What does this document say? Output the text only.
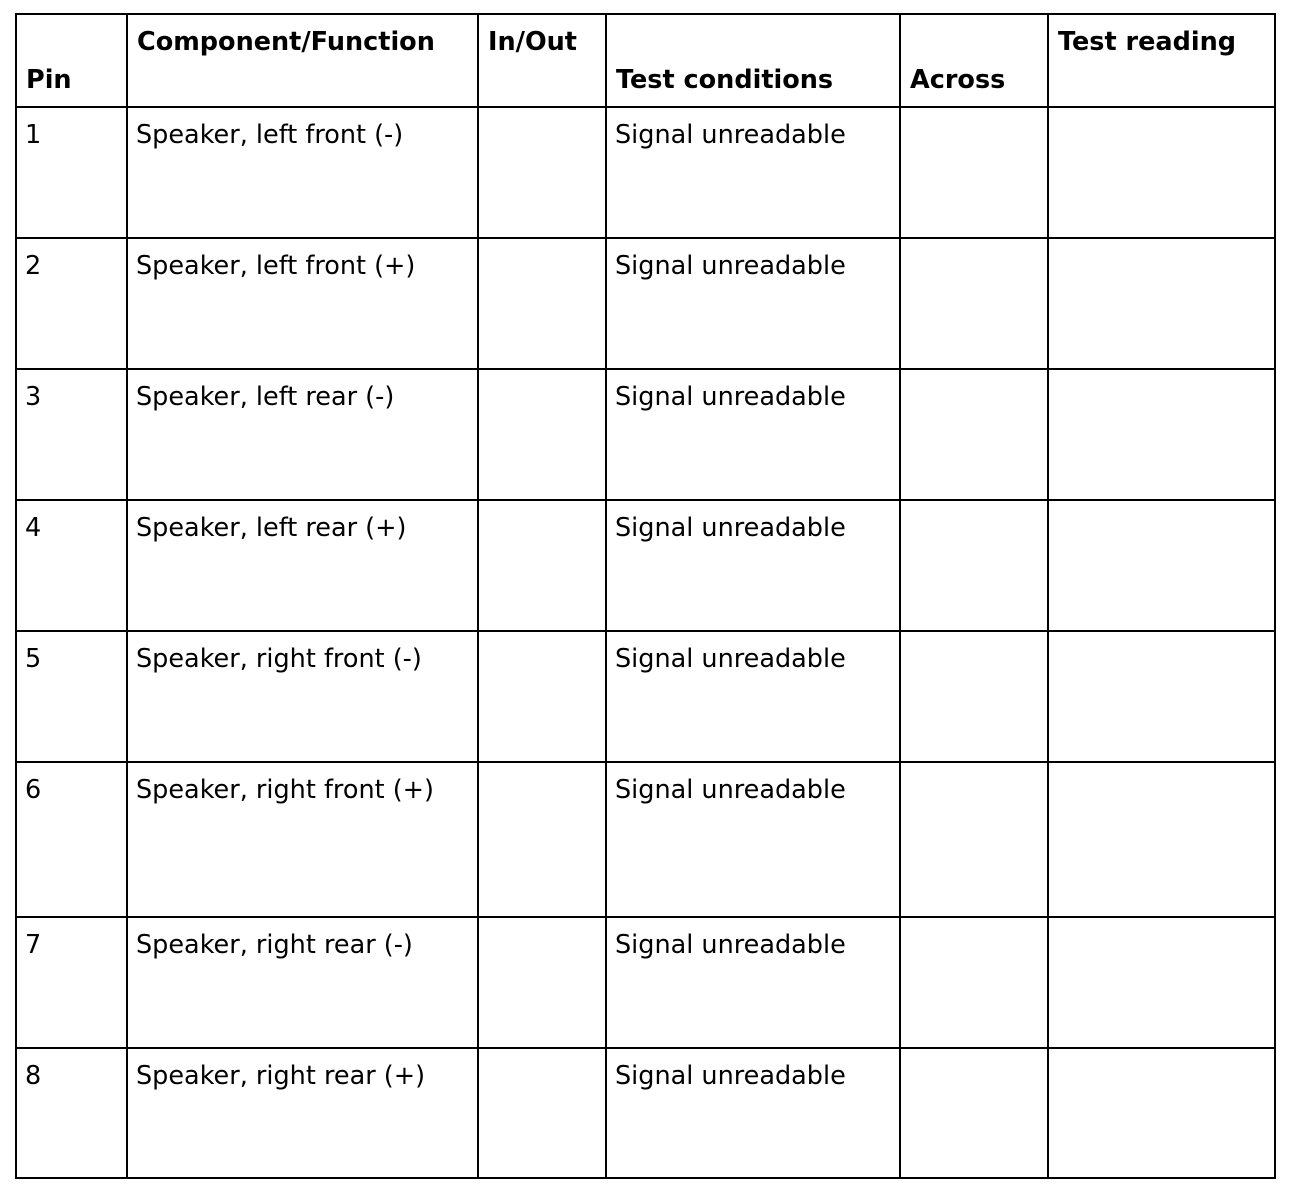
Pin	Component/Function	In/Out	Test conditions	Across	Test reading

1	Speaker, left front (-)		Signal unreadable		
2	Speaker, left front (+)		Signal unreadable		
3	Speaker, left rear (-)		Signal unreadable		
4	Speaker, left rear (+)		Signal unreadable		
5	Speaker, right front (-)		Signal unreadable		
6	Speaker, right front (+)		Signal unreadable		
7	Speaker, right rear (-)		Signal unreadable		
8	Speaker, right rear (+)		Signal unreadable		
